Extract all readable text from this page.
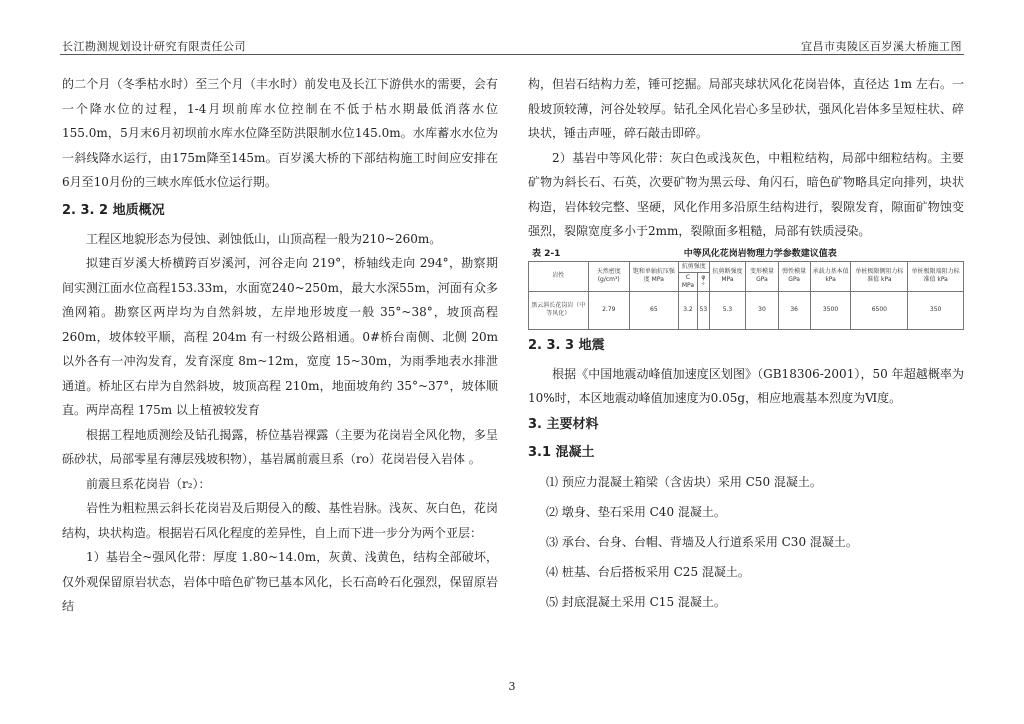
长江勘测规划设计研究有限责任公司	宜昌市夷陵区百岁溪大桥施工图

的二个月（冬季枯水时）至三个月（丰水时）前发电及长江下游供水的需要，会有一个降水位的过程，1-4月坝前库水位控制在不低于枯水期最低消落水位155.0m，5月末6月初坝前水库水位降至防洪限制水位145.0m。水库蓄水水位为一斜线降水运行，由175m降至145m。百岁溪大桥的下部结构施工时间应安排在6月至10月份的三峡水库低水位运行期。

2. 3. 2 地质概况

工程区地貌形态为侵蚀、剥蚀低山，山顶高程一般为210~260m。

拟建百岁溪大桥横跨百岁溪河，河谷走向 219°，桥轴线走向 294°，勘察期间实测江面水位高程153.33m，水面宽240~250m，最大水深55m，河面有众多渔网箱。勘察区两岸均为自然斜坡，左岸地形坡度一般 35°~38°，坡顶高程 260m，坡体较平顺，高程 204m 有一村级公路相通。0#桥台南侧、北侧 20m 以外各有一冲沟发育，发育深度 8m~12m，宽度 15~30m，为雨季地表水排泄通道。桥址区右岸为自然斜坡，坡顶高程 210m，地面坡角约 35°~37°，坡体顺直。两岸高程 175m 以上植被较发育

根据工程地质测绘及钻孔揭露，桥位基岩裸露（主要为花岗岩全风化物，多呈砾砂状，局部零星有薄层残坡积物），基岩属前震旦系（ro）花岗岩侵入岩体 。

前震旦系花岗岩（r₂）：

岩性为粗粒黑云斜长花岗岩及后期侵入的酸、基性岩脉。浅灰、灰白色，花岗结构，块状构造。根据岩石风化程度的差异性，自上而下进一步分为两个亚层：

1）基岩全~强风化带：厚度 1.80~14.0m，灰黄、浅黄色，结构全部破坏，仅外观保留原岩状态，岩体中暗色矿物已基本风化，长石高岭石化强烈，保留原岩结

构，但岩石结构力差，锤可挖掘。局部夹球状风化花岗岩体，直径达 1m 左右。一般坡顶较薄，河谷处较厚。钻孔全风化岩心多呈砂状，强风化岩体多呈短柱状、碎块状，锤击声哑，碎石敲击即碎。

2）基岩中等风化带：灰白色或浅灰色，中粗粒结构，局部中细粒结构。主要矿物为斜长石、石英，次要矿物为黑云母、角闪石，暗色矿物略具定向排列，块状构造，岩体较完整、坚硬，风化作用多沿原生结构进行，裂隙发育，隙面矿物蚀变强烈，裂隙宽度多小于2mm，裂隙面多粗糙，局部有铁质浸染。

表 2-1	中等风化花岗岩物理力学参数建议值表
岩性	天然密度(g/cm³)	饱和单轴抗压强度 MPa	抗剪强度		抗剪断强度 MPa	变形模量 GPa	弹性模量 GPa	承载力基本值 kPa	单桩极限侧阻力标准值 kPa	单桩极限端阻力标准值 kPa
			C MPa	φ °						
黑云斜长花岗岩（中等风化）	2.79	65	3.2	53	5.3	30	36	3500	6500	350
2. 3. 3 地震

根据《中国地震动峰值加速度区划图》（GB18306-2001），50 年超越概率为 10%时，本区地震动峰值加速度为0.05g，相应地震基本烈度为Ⅵ度。

3. 主要材料
3.1 混凝土

⑴ 预应力混凝土箱梁（含齿块）采用 C50 混凝土。

⑵ 墩身、垫石采用 C40 混凝土。

⑶ 承台、台身、台帽、背墙及人行道系采用 C30 混凝土。

⑷ 桩基、台后搭板采用 C25 混凝土。

⑸ 封底混凝土采用 C15 混凝土。

3
